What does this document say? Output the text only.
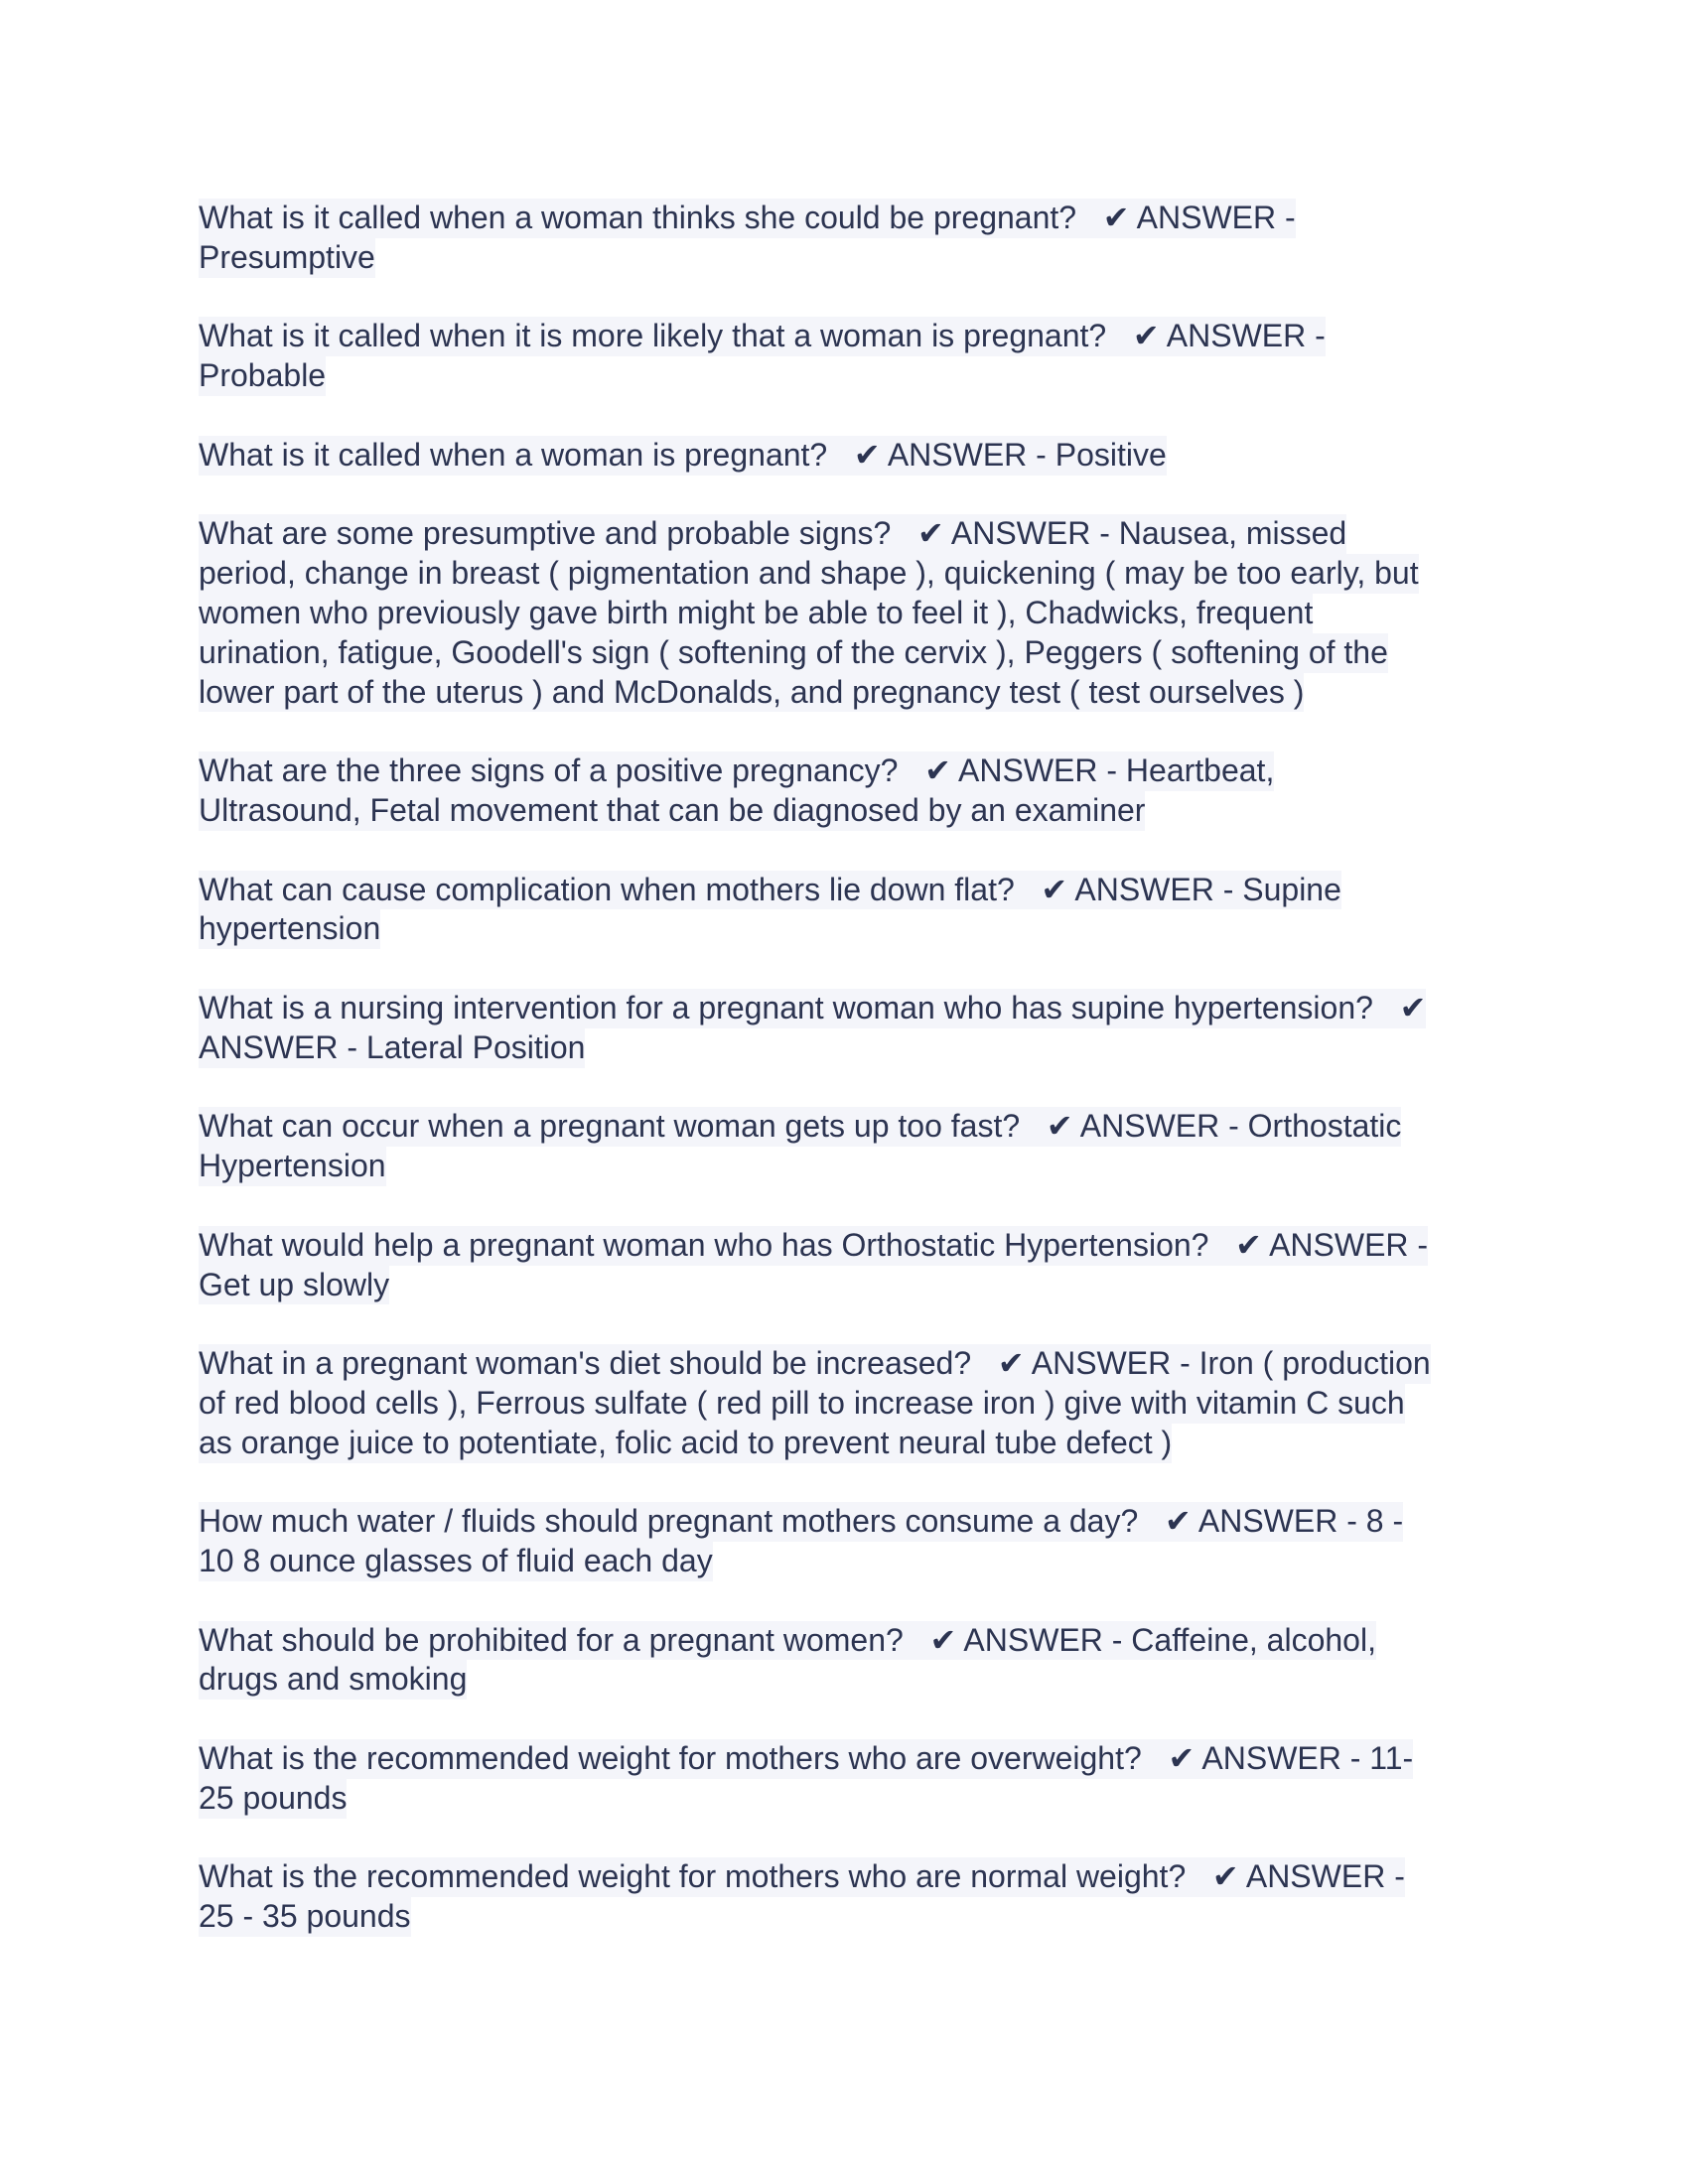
What is it called when a woman thinks she could be pregnant?   ✔ ANSWER -
Presumptive
What is it called when it is more likely that a woman is pregnant?   ✔ ANSWER -
Probable
What is it called when a woman is pregnant?   ✔ ANSWER - Positive
What are some presumptive and probable signs?   ✔ ANSWER - Nausea, missed
period, change in breast ( pigmentation and shape ), quickening ( may be too early, but
women who previously gave birth might be able to feel it ), Chadwicks, frequent
urination, fatigue, Goodell's sign ( softening of the cervix ), Peggers ( softening of the
lower part of the uterus ) and McDonalds, and pregnancy test ( test ourselves )
What are the three signs of a positive pregnancy?   ✔ ANSWER - Heartbeat,
Ultrasound, Fetal movement that can be diagnosed by an examiner
What can cause complication when mothers lie down flat?   ✔ ANSWER - Supine
hypertension
What is a nursing intervention for a pregnant woman who has supine hypertension?   ✔
ANSWER - Lateral Position
What can occur when a pregnant woman gets up too fast?   ✔ ANSWER - Orthostatic
Hypertension
What would help a pregnant woman who has Orthostatic Hypertension?   ✔ ANSWER -
Get up slowly
What in a pregnant woman's diet should be increased?   ✔ ANSWER - Iron ( production
of red blood cells ), Ferrous sulfate ( red pill to increase iron ) give with vitamin C such
as orange juice to potentiate, folic acid to prevent neural tube defect )
How much water / fluids should pregnant mothers consume a day?   ✔ ANSWER - 8 -
10 8 ounce glasses of fluid each day
What should be prohibited for a pregnant women?   ✔ ANSWER - Caffeine, alcohol,
drugs and smoking
What is the recommended weight for mothers who are overweight?   ✔ ANSWER - 11-
25 pounds
What is the recommended weight for mothers who are normal weight?   ✔ ANSWER -
25 - 35 pounds
